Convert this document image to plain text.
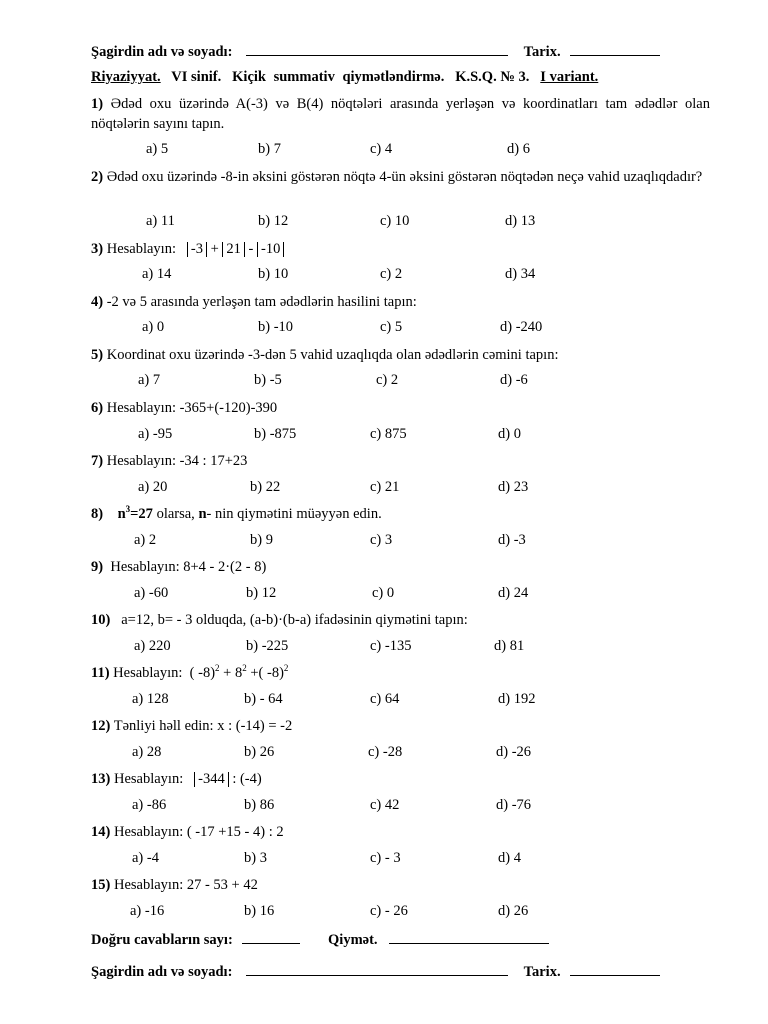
Şagirdin adı və soyadı:	Tarix.
Riyaziyyat. VI sinif. Kiçik summativ qiymətləndirmə. K.S.Q. № 3. I variant.
1) Ədəd oxu üzərində A(-3) və B(4) nöqtələri arasında yerləşən və koordinatları tam ədədlər olan nöqtələrin sayını tapın.
a) 5	b) 7	c) 4	d) 6
2) Ədəd oxu üzərində -8-in əksini göstərən nöqtə 4-ün əksini göstərən nöqtədən neçə vahid uzaqlıqdadır?
a) 11	b) 12	c) 10	d) 13
3) Hesablayın: -3 + 21 - -10
a) 14	b) 10	c) 2	d) 34
4) -2 və 5 arasında yerləşən tam ədədlərin hasilini tapın:
a) 0	b) -10	c) 5	d) -240
5) Koordinat oxu üzərində -3-dən 5 vahid uzaqlıqda olan ədədlərin cəmini tapın:
a) 7	b) -5	c) 2	d) -6
6) Hesablayın: -365+(-120)-390
a) -95	b) -875	c) 875	d) 0
7) Hesablayın: -34 : 17+23
a) 20	b) 22	c) 21	d) 23
8) $n^3=27$ olarsa, n- nin qiymətini müəyyən edin.
a) 2	b) 9	c) 3	d) -3
9) Hesablayın: 8+4 - 2·(2 - 8)
a) -60	b) 12	c) 0	d) 24
10) a=12, b= - 3 olduqda, (a-b)·(b-a) ifadəsinin qiymətini tapın:
a) 220	b) -225	c) -135	d) 81
11) Hesablayın: ( $-8)^2 + 8^2$ +( -8)$^2$
a) 128	b) - 64	c) 64	d) 192
12) Tənliyi həll edin: x : (-14) = -2
a) 28	b) 26	c) -28	d) -26
13) Hesablayın: -344 : (-4)
a) -86	b) 86	c) 42	d) -76
14) Hesablayın: ( -17 +15 - 4) : 2
a) -4	b) 3	c) - 3	d) 4
15) Hesablayın: 27 - 53 + 42
a) -16	b) 16	c) - 26	d) 26
Doğru cavabların sayı:	Qiymət.
Şagirdin adı və soyadı:	Tarix.
